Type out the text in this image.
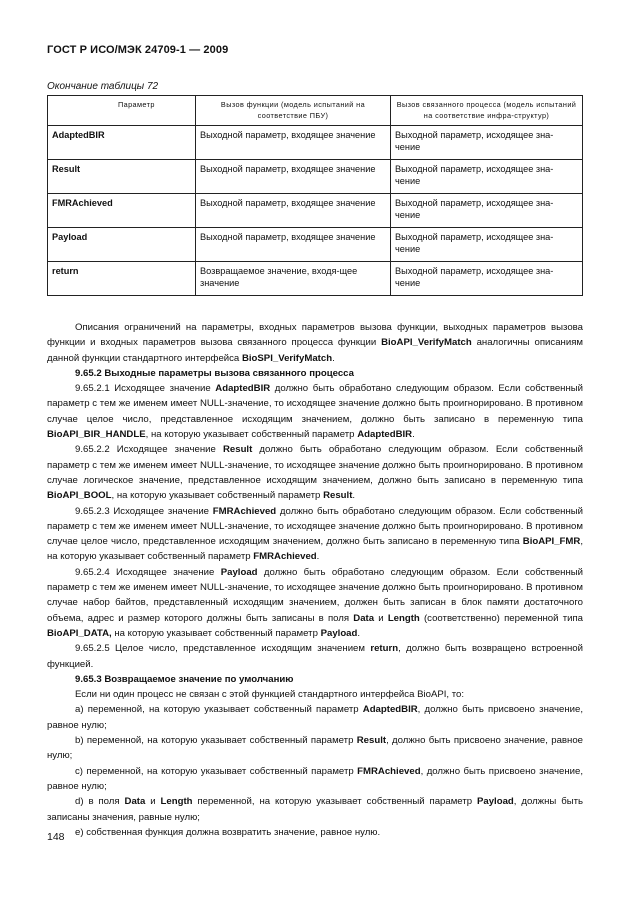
ГОСТ Р ИСО/МЭК 24709-1 — 2009
Окончание таблицы 72
Параметр	Вызов функции (модель испытаний на соответствие ПБУ)	Вызов связанного процесса (модель испытаний на соответствие инфра-структур)
AdaptedBIR	Выходной параметр, входящее значение	Выходной параметр, исходящее зна-чение
Result	Выходной параметр, входящее значение	Выходной параметр, исходящее зна-чение
FMRAchieved	Выходной параметр, входящее значение	Выходной параметр, исходящее зна-чение
Payload	Выходной параметр, входящее значение	Выходной параметр, исходящее зна-чение
return	Возвращаемое значение, входя-щее значение	Выходной параметр, исходящее зна-чение

Описания ограничений на параметры, входных параметров вызова функции, выходных параметров вызова функции и входных параметров вызова связанного процесса функции BioAPI_VerifyMatch аналогичны описаниям данной функции стандартного интерфейса BioSPI_VerifyMatch.

9.65.2 Выходные параметры вызова связанного процесса

9.65.2.1 Исходящее значение AdaptedBIR должно быть обработано следующим образом. Если собственный параметр с тем же именем имеет NULL-значение, то исходящее значение должно быть проигнорировано. В противном случае целое число, представленное исходящим значением, должно быть записано в переменную типа BioAPI_BIR_HANDLE, на которую указывает собственный параметр AdaptedBIR.

9.65.2.2 Исходящее значение Result должно быть обработано следующим образом. Если собственный параметр с тем же именем имеет NULL-значение, то исходящее значение должно быть проигнорировано. В противном случае логическое значение, представленное исходящим значением, должно быть записано в переменную типа BioAPI_BOOL, на которую указывает собственный параметр Result.

9.65.2.3 Исходящее значение FMRAchieved должно быть обработано следующим образом. Если собственный параметр с тем же именем имеет NULL-значение, то исходящее значение должно быть проигнорировано. В противном случае целое число, представленное исходящим значением, должно быть записано в переменную типа BioAPI_FMR, на которую указывает собственный параметр FMRAchieved.

9.65.2.4 Исходящее значение Payload должно быть обработано следующим образом. Если собственный параметр с тем же именем имеет NULL-значение, то исходящее значение должно быть проигнорировано. В противном случае набор байтов, представленный исходящим значением, должен быть записан в блок памяти достаточного объема, адрес и размер которого должны быть записаны в поля Data и Length (соответственно) переменной типа BioAPI_DATA, на которую указывает собственный параметр Payload.

9.65.2.5 Целое число, представленное исходящим значением return, должно быть возвращено встроенной функцией.

9.65.3 Возвращаемое значение по умолчанию

Если ни один процесс не связан с этой функцией стандартного интерфейса BioAPI, то:

а) переменной, на которую указывает собственный параметр AdaptedBIR, должно быть присвоено значение, равное нулю;

b) переменной, на которую указывает собственный параметр Result, должно быть присвоено значение, равное нулю;

с) переменной, на которую указывает собственный параметр FMRAchieved, должно быть присвоено значение, равное нулю;

d) в поля Data и Length переменной, на которую указывает собственный параметр Payload, должны быть записаны значения, равные нулю;

е) собственная функция должна возвратить значение, равное нулю.

148
